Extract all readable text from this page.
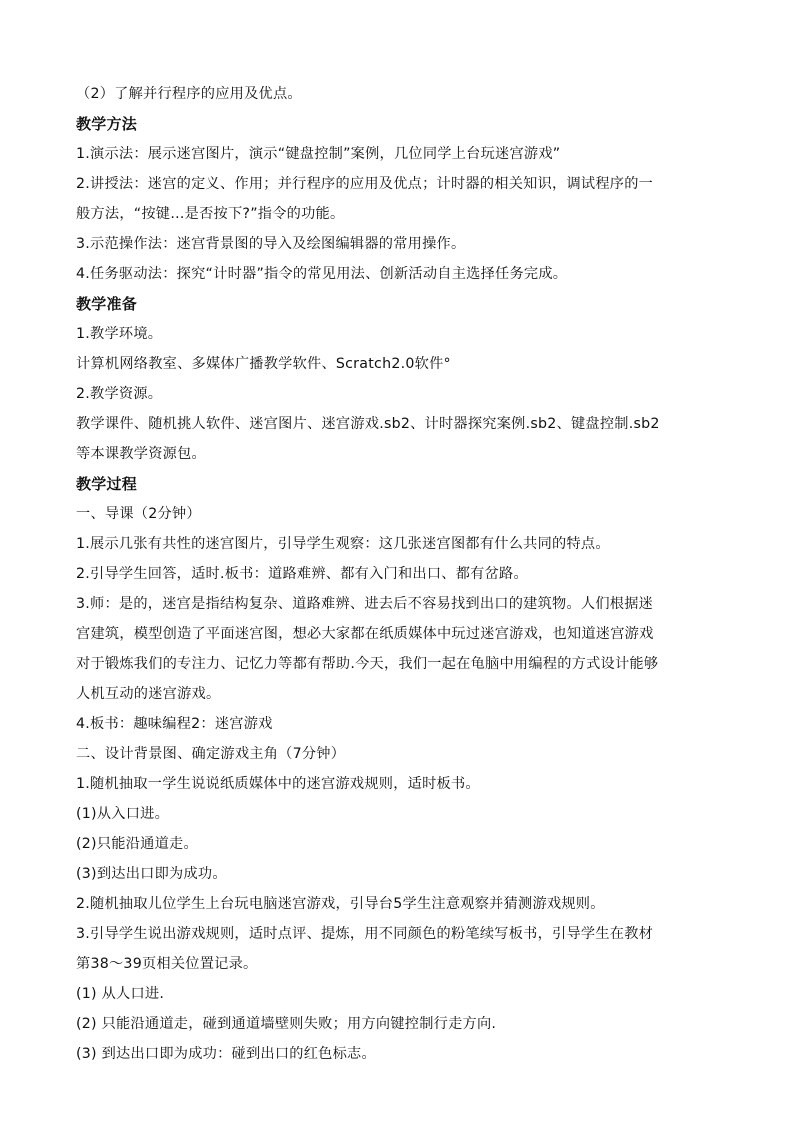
（2）了解并行程序的应用及优点。
教学方法
1.演示法：展示迷宫图片，演示“键盘控制”案例，几位同学上台玩迷宫游戏”
2.讲授法：迷宫的定义、作用；并行程序的应用及优点；计时器的相关知识，调试程序的一
般方法，“按键…是否按下?”指令的功能。
3.示范操作法：迷宫背景图的导入及绘图编辑器的常用操作。
4.任务驱动法：探究“计时器”指令的常见用法、创新活动自主选择任务完成。
教学准备
1.教学环境。
计算机网络教室、多媒体广播教学软件、Scratch2.0软件°
2.教学资源。
教学课件、随机挑人软件、迷宫图片、迷宫游戏.sb2、计时器探究案例.sb2、键盘控制.sb2
等本课教学资源包。
教学过程
一、导课（2分钟）
1.展示几张有共性的迷宫图片，引导学生观察：这几张迷宫图都有什么共同的特点。
2.引导学生回答，适时.板书：道路难辨、都有入门和出口、都有岔路。
3.师：是的，迷宫是指结构复杂、道路难辨、进去后不容易找到出口的建筑物。人们根据迷
宫建筑，模型创造了平面迷宫图，想必大家都在纸质媒体中玩过迷宫游戏，也知道迷宫游戏
对于锻炼我们的专注力、记忆力等都有帮助.今天，我们一起在龟脑中用编程的方式设计能够
人机互动的迷宫游戏。
4.板书：趣味编程2：迷宫游戏
二、设计背景图、确定游戏主角（7分钟）
1.随机抽取一学生说说纸质媒体中的迷宫游戏规则，适时板书。
(1)从入口进。
(2)只能沿通道走。
(3)到达出口即为成功。
2.随机抽取儿位学生上台玩电脑迷宫游戏，引导台5学生注意观察并猜测游戏规则。
3.引导学生说出游戏规则，适时点评、提炼，用不同颜色的粉笔续写板书，引导学生在教材
第38～39页相关位置记录。
(1) 从人口进.
(2) 只能沿通道走，碰到通道墙壁则失败；用方向键控制行走方向.
(3) 到达出口即为成功：碰到出口的红色标志。
